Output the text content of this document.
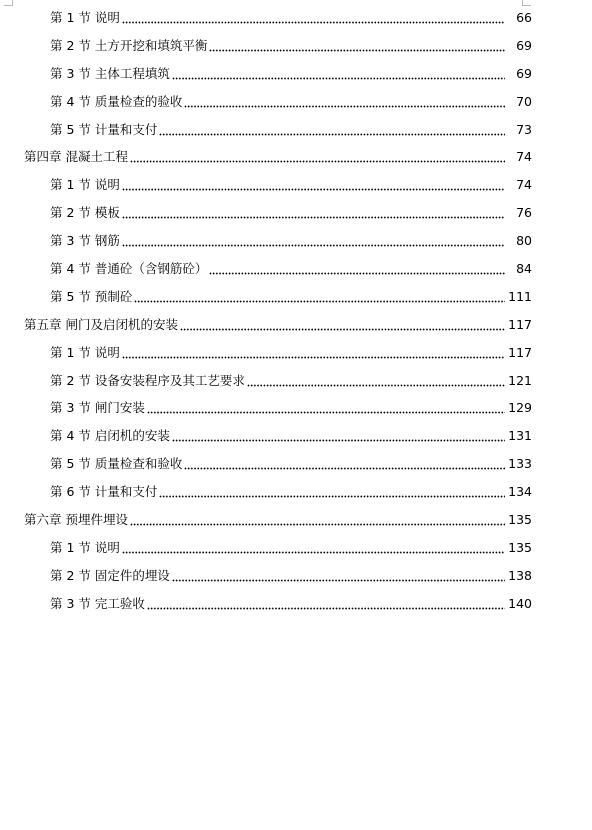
第 1 节 说明	66
第 2 节 土方开挖和填筑平衡	69
第 3 节 主体工程填筑	69
第 4 节 质量检查的验收	70
第 5 节 计量和支付	73
第四章 混凝土工程	74
第 1 节 说明	74
第 2 节 模板	76
第 3 节 钢筋	80
第 4 节 普通砼（含钢筋砼）	84
第 5 节 预制砼	111
第五章 闸门及启闭机的安装	117
第 1 节 说明	117
第 2 节 设备安装程序及其工艺要求	121
第 3 节 闸门安装	129
第 4 节 启闭机的安装	131
第 5 节 质量检查和验收	133
第 6 节 计量和支付	134
第六章 预埋件埋设	135
第 1 节 说明	135
第 2 节 固定件的埋设	138
第 3 节 完工验收	140
